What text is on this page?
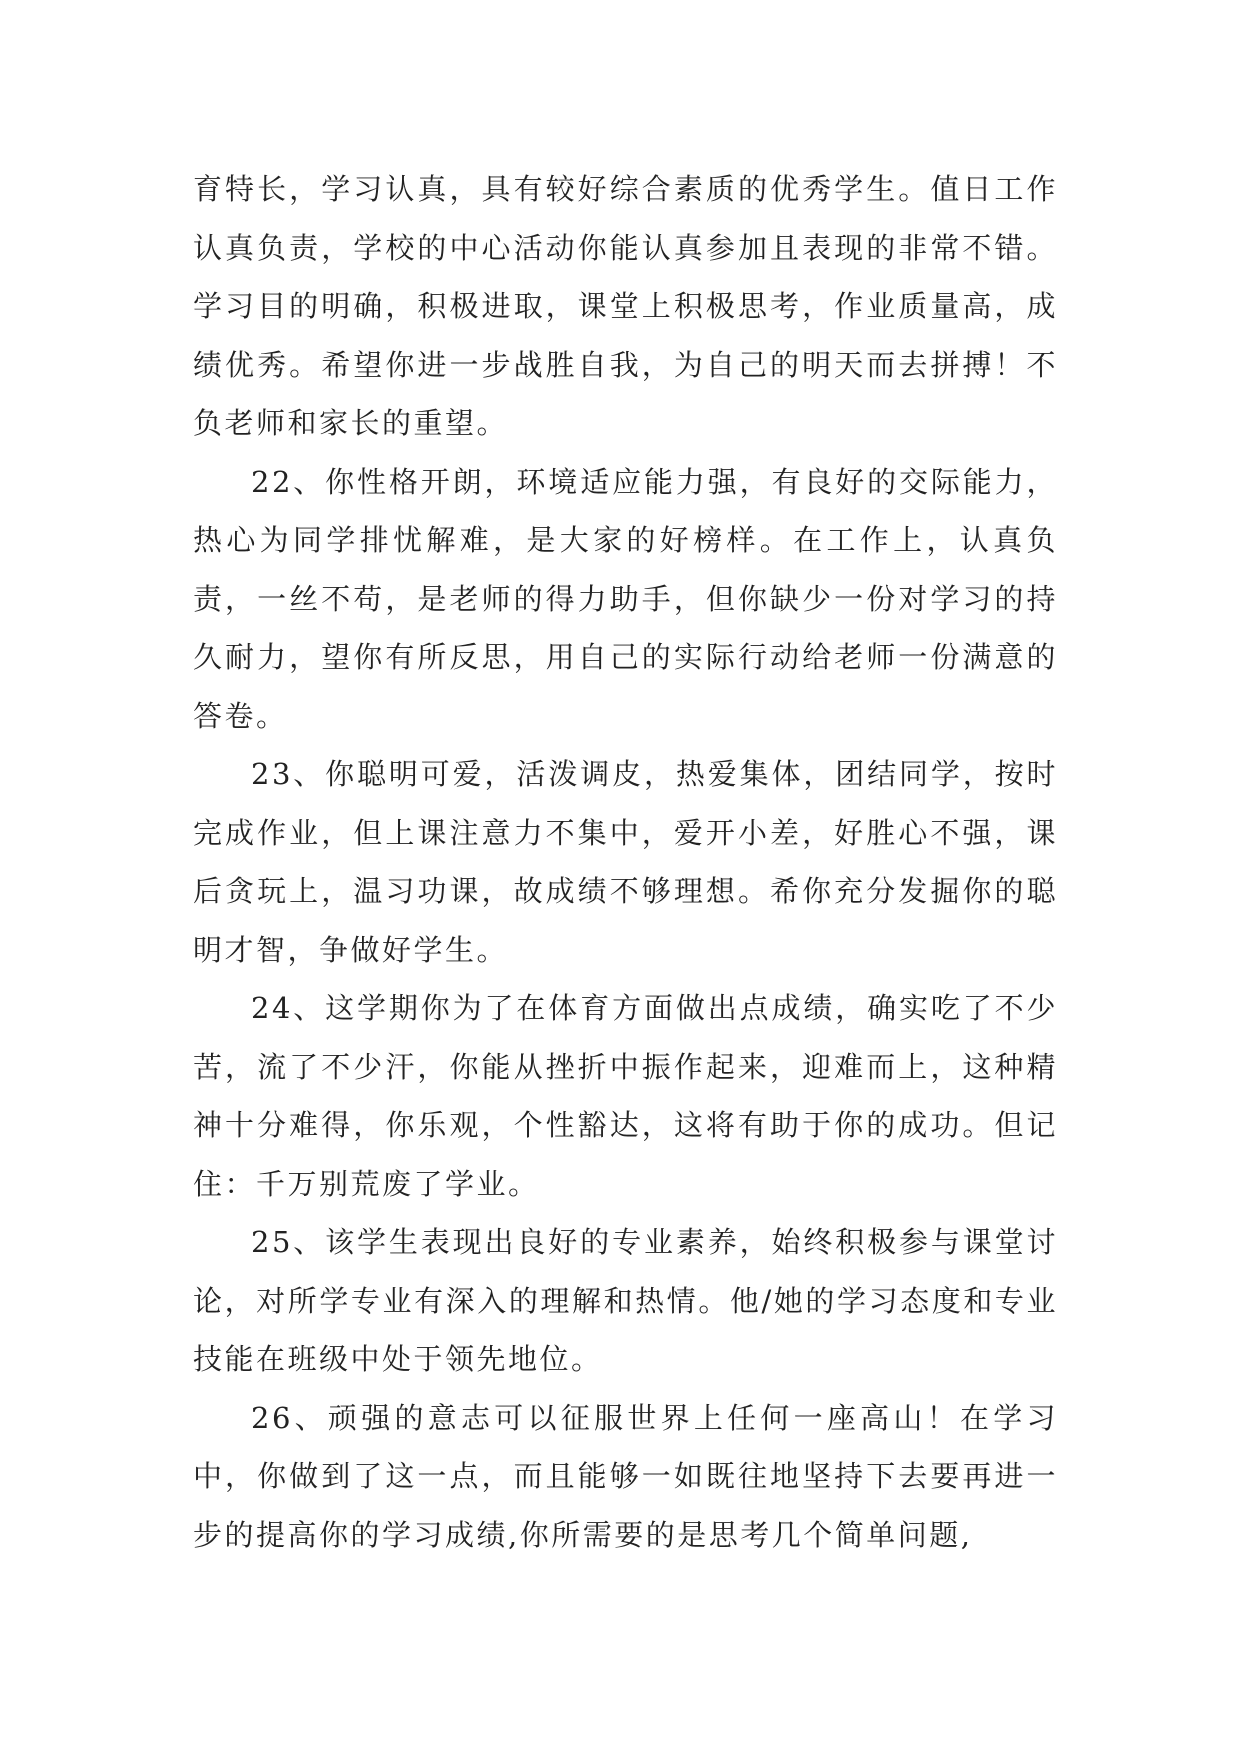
育特长，学习认真，具有较好综合素质的优秀学生。值日工作认真负责，学校的中心活动你能认真参加且表现的非常不错。学习目的明确，积极进取，课堂上积极思考，作业质量高，成绩优秀。希望你进一步战胜自我，为自己的明天而去拼搏！不负老师和家长的重望。

22、你性格开朗，环境适应能力强，有良好的交际能力，热心为同学排忧解难，是大家的好榜样。在工作上，认真负责，一丝不苟，是老师的得力助手，但你缺少一份对学习的持久耐力，望你有所反思，用自己的实际行动给老师一份满意的答卷。

23、你聪明可爱，活泼调皮，热爱集体，团结同学，按时完成作业，但上课注意力不集中，爱开小差，好胜心不强，课后贪玩上，温习功课，故成绩不够理想。希你充分发掘你的聪明才智，争做好学生。

24、这学期你为了在体育方面做出点成绩，确实吃了不少苦，流了不少汗，你能从挫折中振作起来，迎难而上，这种精神十分难得，你乐观，个性豁达，这将有助于你的成功。但记住：千万别荒废了学业。

25、该学生表现出良好的专业素养，始终积极参与课堂讨论，对所学专业有深入的理解和热情。他/她的学习态度和专业技能在班级中处于领先地位。

26、顽强的意志可以征服世界上任何一座高山！在学习中，你做到了这一点，而且能够一如既往地坚持下去要再进一步的提高你的学习成绩,你所需要的是思考几个简单问题,
